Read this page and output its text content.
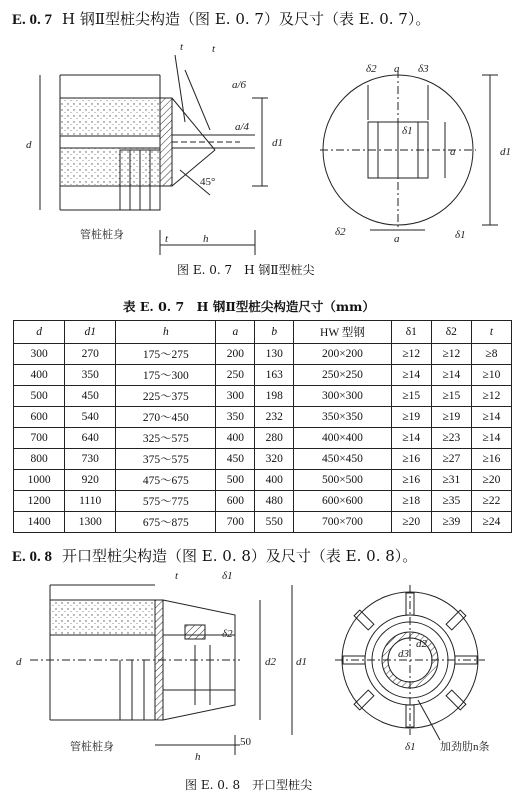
E. 0. 7 H 钢Ⅱ型桩尖构造（图 E. 0. 7）及尺寸（表 E. 0. 7）。
d
t	t
a/6
a/4
45°
d1
h
t
管桩桩身
δ2 a δ3
δ1
a	d1
δ2
a	δ1
图 E. 0. 7　H 钢Ⅱ型桩尖
表 E. 0. 7　H 钢Ⅱ型桩尖构造尺寸（mm）
d	d1	h	a	b	HW 型钢	δ1	δ2	t
300	270	175～275	200	130	200×200	≥12	≥12	≥8
400	350	175～300	250	163	250×250	≥14	≥14	≥10
500	450	225～375	300	198	300×300	≥15	≥15	≥12
600	540	270～450	350	232	350×350	≥19	≥19	≥14
700	640	325～575	400	280	400×400	≥14	≥23	≥14
800	730	375～575	450	320	450×450	≥16	≥27	≥16
1000	920	475～675	500	400	500×500	≥16	≥31	≥20
1200	1110	575～775	600	480	600×600	≥18	≥35	≥22
1400	1300	675～875	700	550	700×700	≥20	≥39	≥24
E. 0. 8 开口型桩尖构造（图 E. 0. 8）及尺寸（表 E. 0. 8）。
d
t	δ1
δ2
d2 d1
h
50
管桩桩身
d3
d2
δ1 加劲肋n条
图 E. 0. 8　开口型桩尖
